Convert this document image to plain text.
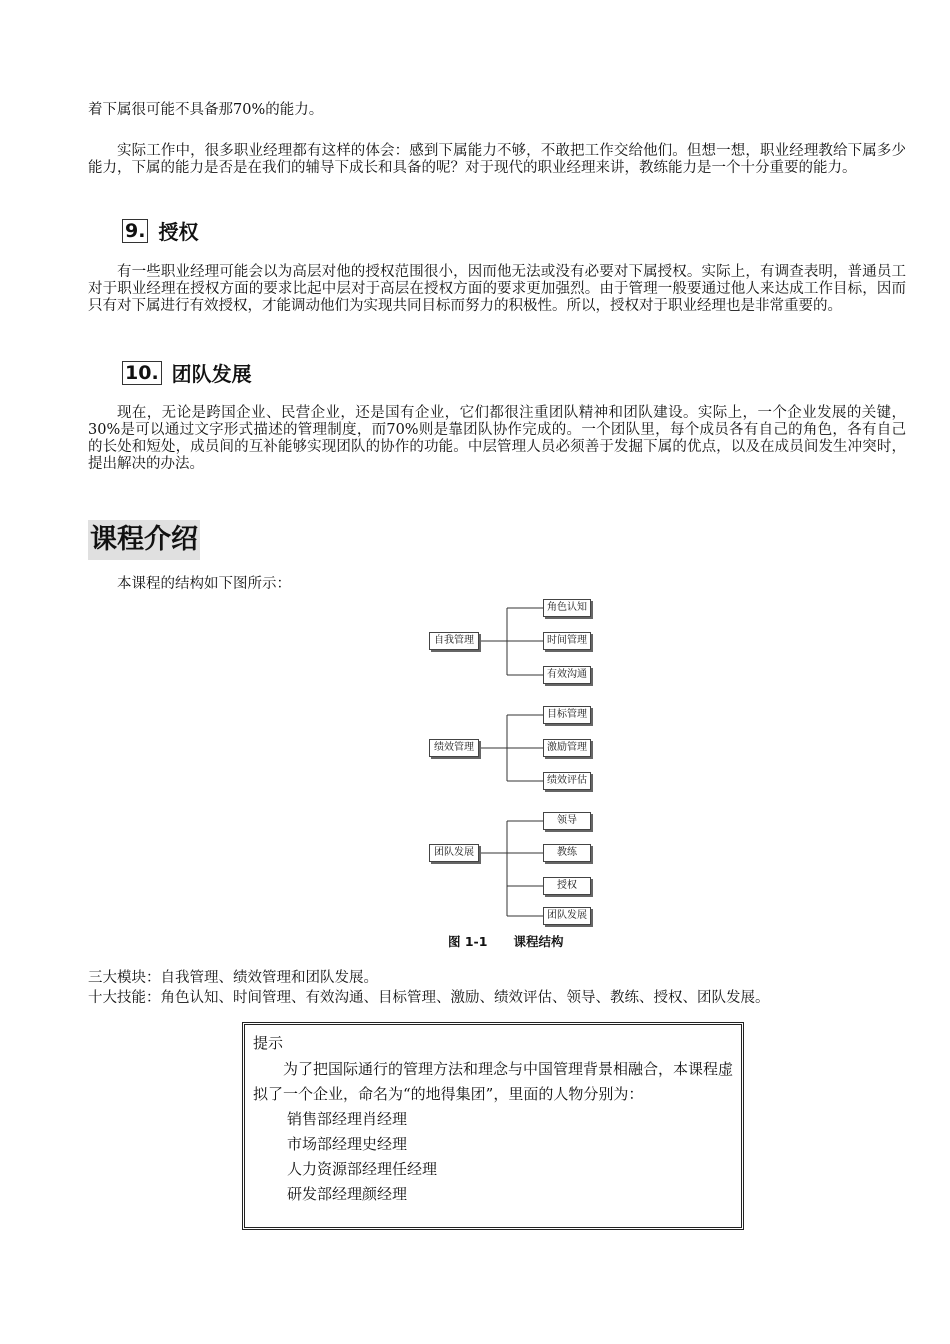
着下属很可能不具备那70%的能力。

实际工作中，很多职业经理都有这样的体会：感到下属能力不够，不敢把工作交给他们。但想一想，职业经理教给下属多少能力，下属的能力是否是在我们的辅导下成长和具备的呢？对于现代的职业经理来讲，教练能力是一个十分重要的能力。

9. 授权

有一些职业经理可能会以为高层对他的授权范围很小，因而他无法或没有必要对下属授权。实际上，有调查表明，普通员工对于职业经理在授权方面的要求比起中层对于高层在授权方面的要求更加强烈。由于管理一般要通过他人来达成工作目标，因而只有对下属进行有效授权，才能调动他们为实现共同目标而努力的积极性。所以，授权对于职业经理也是非常重要的。

10. 团队发展

现在，无论是跨国企业、民营企业，还是国有企业，它们都很注重团队精神和团队建设。实际上，一个企业发展的关键，30%是可以通过文字形式描述的管理制度，而70%则是靠团队协作完成的。一个团队里，每个成员各有自己的角色，各有自己的长处和短处，成员间的互补能够实现团队的协作的功能。中层管理人员必须善于发掘下属的优点，以及在成员间发生冲突时，提出解决的办法。

课程介绍

本课程的结构如下图所示：

自我管理
角色认知
时间管理
有效沟通
绩效管理
目标管理
激励管理
绩效评估
团队发展
领导
教练
授权
团队发展
图 1-1 课程结构

三大模块：自我管理、绩效管理和团队发展。

十大技能：角色认知、时间管理、有效沟通、目标管理、激励、绩效评估、领导、教练、授权、团队发展。

提示

为了把国际通行的管理方法和理念与中国管理背景相融合，本课程虚拟了一个企业，命名为“的地得集团”，里面的人物分别为：

销售部经理肖经理
市场部经理史经理
人力资源部经理任经理
研发部经理颜经理
